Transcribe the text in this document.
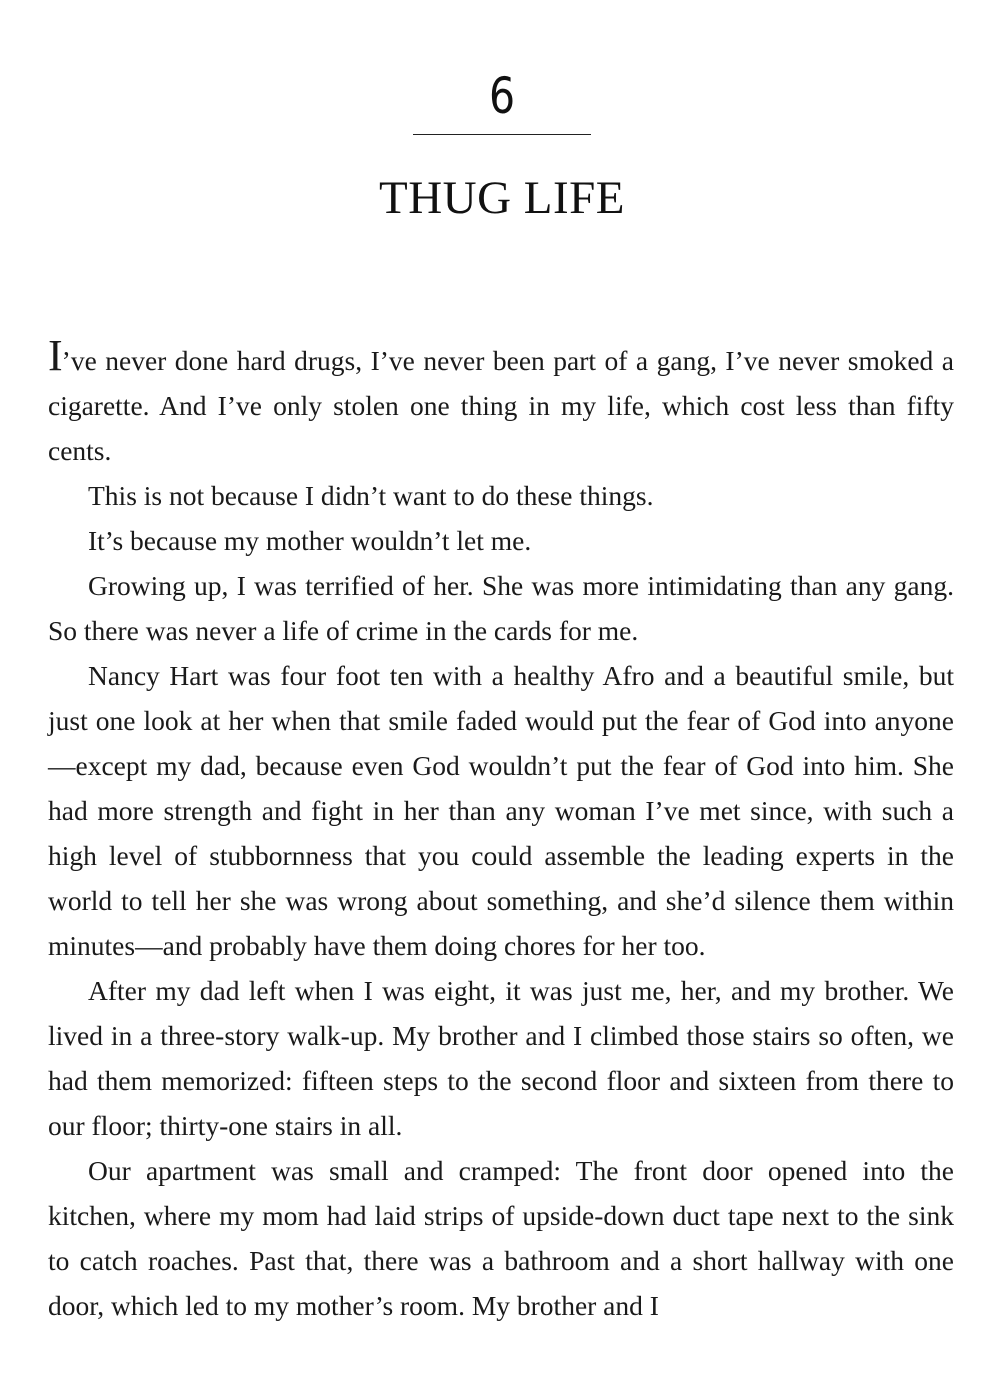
6
THUG LIFE

I’ve never done hard drugs, I’ve never been part of a gang, I’ve never smoked a cigarette. And I’ve only stolen one thing in my life, which cost less than fifty cents.

This is not because I didn’t want to do these things.

It’s because my mother wouldn’t let me.

Growing up, I was terrified of her. She was more intimidating than any gang. So there was never a life of crime in the cards for me.

Nancy Hart was four foot ten with a healthy Afro and a beautiful smile, but just one look at her when that smile faded would put the fear of God into anyone—except my dad, because even God wouldn’t put the fear of God into him. She had more strength and fight in her than any woman I’ve met since, with such a high level of stubbornness that you could assemble the leading experts in the world to tell her she was wrong about something, and she’d silence them within minutes—and probably have them doing chores for her too.

After my dad left when I was eight, it was just me, her, and my brother. We lived in a three-story walk-up. My brother and I climbed those stairs so often, we had them memorized: fifteen steps to the second floor and sixteen from there to our floor; thirty-one stairs in all.

Our apartment was small and cramped: The front door opened into the kitchen, where my mom had laid strips of upside-down duct tape next to the sink to catch roaches. Past that, there was a bathroom and a short hallway with one door, which led to my mother’s room. My brother and I
